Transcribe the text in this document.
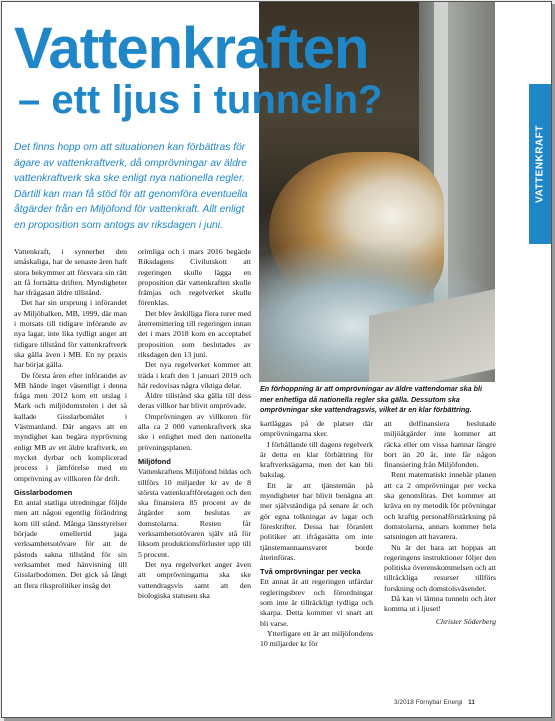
Vattenkraften
– ett ljus i tunneln?

Det finns hopp om att situationen kan förbättras för ägare av vattenkraftverk, då omprövningar av äldre vattenkraftverk ska ske enligt nya nationella regler. Därtill kan man få stöd för att genomföra eventuella åtgärder från en Miljöfond för vattenkraft. Allt enligt en proposition som antogs av riksdagen i juni.

VATTENKRAFT

En förhoppning är att omprövningar av äldre vattendomar ska bli mer enhetliga då nationella regler ska gälla. Dessutom ska omprövningar ske vattendragsvis, vilket är en klar förbättring.

Vattenkraft, i synnerhet den småskaliga, har de senaste åren haft stora bekymmer att försvara sin rätt att få fortsätta driften. Myndigheter har ifrågasatt äldre tillstånd.

Det har sin ursprung i införandet av Miljöbalken, MB, 1999, där man i motsats till tidigare införande av nya lagar, inte lika tydligt anger att tidigare tillstånd för vattenkraftverk ska gälla även i MB. En ny praxis har börjat gälla.

De första åren efter införandet av MB hände inget väsentligt i denna fråga men 2012 kom ett utslag i Mark och miljödomstolen i det så kallade Gisslarbomålet i Västmanland. Där angavs att en myndighet kan begära nyprövning enligt MB av ett äldre kraftverk, en mycket dyrbar och komplicerad process i jämförelse med en omprövning av villkoren för drift.

Gisslarbodomen

Ett antal statliga utredningar följde men att någon egentlig förändring kom till stånd. Många länsstyrelser började emellertid jaga verksamhetsutövare för att de påstods sakna tillstånd för sin verksamhet med hänvisning till Gisslarbodomen. Det gick så långt att flera riksprolitiker insåg det

orimliga och i mars 2016 begärde Riksdagens Civilutskott att regeringen skulle lägga en proposition där vattenkraften skulle främjas och regelverket skulle förenklas.

Det blev åtskilliga flera turer med återremittering till regeringen innan det i mars 2018 kom en acceptabel proposition som beslutades av riksdagen den 13 juni.

Det nya regelverket kommer att träda i kraft den 1 januari 2019 och här redovisas några viktiga delar.

Äldre tillstånd ska gälla till dess deras villkor har blivit omprövade.

Omprövningen av villkoren för alla ca 2 000 vattenkraftverk ska ske i enlighet med den nationella prövningsplanen.

Miljöfond

Vattenkraftens Miljöfond bildas och tillförs 10 miljarder kr av de 8 största vattenkraftföretagen och den ska finansiera 85 procent av de åtgärder som beslutas av domstolarna. Resten får verksamhetsutövaren själv stå för liksom produktionsförluster upp till 5 procent.

Det nya regelverket anger även att omprövningarna ska ske vattendragsvis samt att den biologiska statusen ska

kartläggas på de platser där omprövningarna sker.

I förhållande till dagens regelverk är detta en klar förbättring för kraftverksägarna, men det kan bli bakslag.

Ett är att tjänstemän på myndigheter har blivit benägna att mer självständiga på senare år och gör egna tolkningar av lagar och föreskrifter. Dessa har föranlett politiker att ifrågasätta om inte tjänstemannaansvaret borde återinföras.

Två omprövningar per vecka

Ett annat är att regeringen utfärdar regleringsbrev och förordningar som inte är tillräckligt tydliga och skarpa. Detta kommer vi snart att bli varse.

Ytterligare ett är att miljöfondens 10 miljarder kr för

att delfinansiera beslutade miljöåtgärder inte kommer att räcka eller om vissa hamnar längre bort än 20 år, inte får någon finansiering från Miljöfonden.

Rent matematiskt innebär planen att ca 2 omprövningar per vecka ska genomföras. Det kommer att kräva en ny metodik för prövningar och kraftig personalförstärkning på domstolarna, annars kommer hela satsningen att havarera.

Nu är det bara att hoppas att regeringens instruktioner följer den politiska överenskommelsen och att tillräckliga resurser tillförs forskning och domstolsväsendet.

Då kan vi lämna tunneln och åter komma ut i ljuset!

Christer Söderberg

3/2018 Förnybar Energi 11
